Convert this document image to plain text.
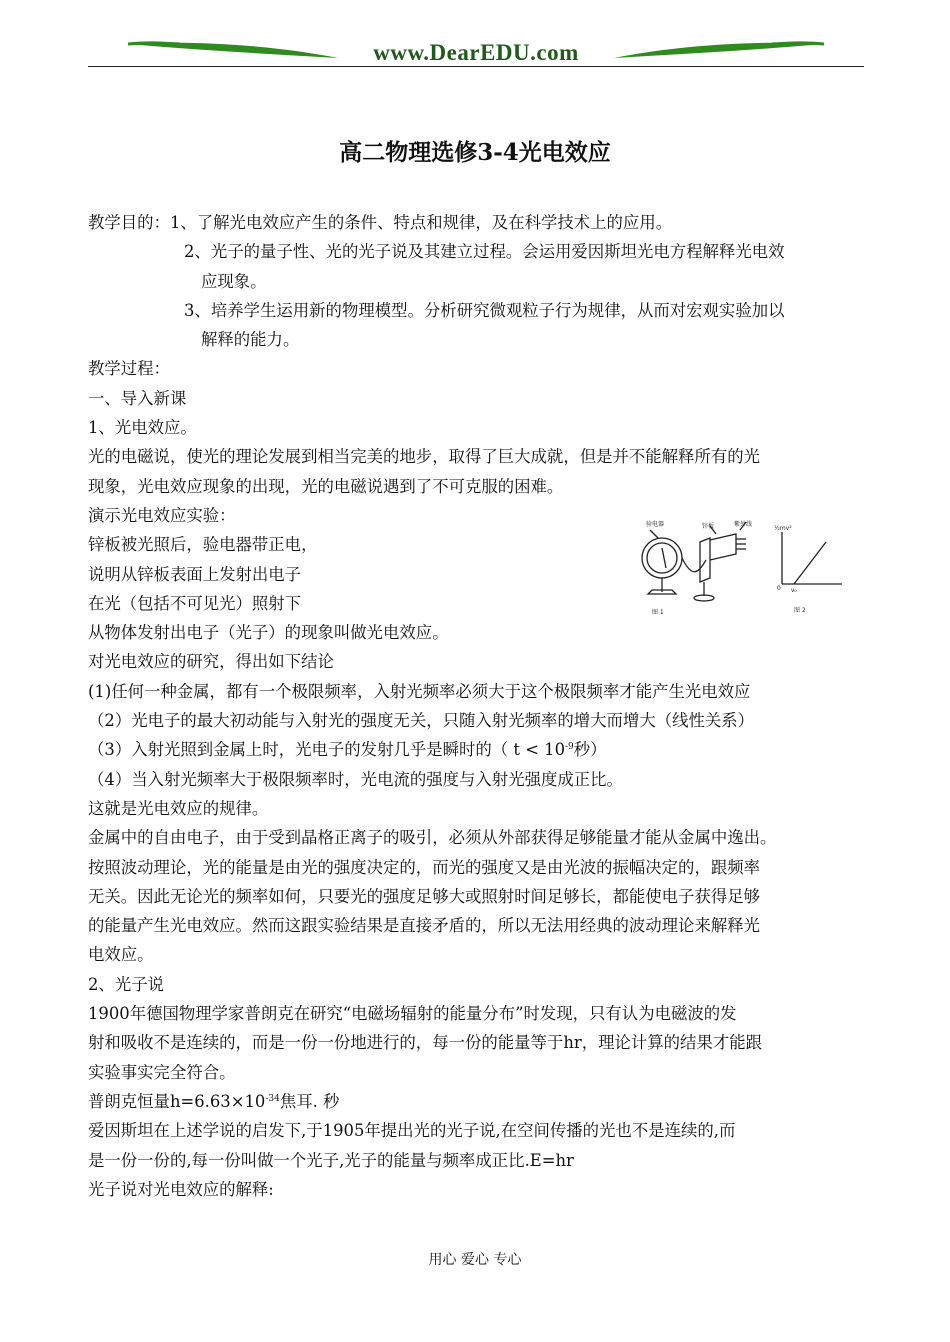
www.DearEDU.com
高二物理选修3-4光电效应
教学目的：1、了解光电效应产生的条件、特点和规律，及在科学技术上的应用。
2、光子的量子性、光的光子说及其建立过程。会运用爱因斯坦光电方程解释光电效
应现象。
3、培养学生运用新的物理模型。分析研究微观粒子行为规律，从而对宏观实验加以
解释的能力。
教学过程：
一、导入新课
1、光电效应。
光的电磁说，使光的理论发展到相当完美的地步，取得了巨大成就，但是并不能解释所有的光
现象，光电效应现象的出现，光的电磁说遇到了不可克服的困难。
演示光电效应实验：
锌板被光照后，验电器带正电，
说明从锌板表面上发射出电子
在光（包括不可见光）照射下
从物体发射出电子（光子）的现象叫做光电效应。
对光电效应的研究，得出如下结论
(1)任何一种金属，都有一个极限频率，入射光频率必须大于这个极限频率才能产生光电效应
（2）光电子的最大初动能与入射光的强度无关，只随入射光频率的增大而增大（线性关系）
（3）入射光照到金属上时，光电子的发射几乎是瞬时的（ $t < 10^{-9}$秒）
（4）当入射光频率大于极限频率时，光电流的强度与入射光强度成正比。
这就是光电效应的规律。
金属中的自由电子，由于受到晶格正离子的吸引，必须从外部获得足够能量才能从金属中逸出。
按照波动理论，光的能量是由光的强度决定的，而光的强度又是由光波的振幅决定的，跟频率
无关。因此无论光的频率如何，只要光的强度足够大或照射时间足够长，都能使电子获得足够
的能量产生光电效应。然而这跟实验结果是直接矛盾的，所以无法用经典的波动理论来解释光
电效应。
2、光子说
1900年德国物理学家普朗克在研究“电磁场辐射的能量分布”时发现，只有认为电磁波的发
射和吸收不是连续的，而是一份一份地进行的，每一份的能量等于hr，理论计算的结果才能跟
实验事实完全符合。
普朗克恒量$h=6.63\times 10^{-34}$焦耳. 秒
爱因斯坦在上述学说的启发下,于1905年提出光的光子说,在空间传播的光也不是连续的,而
是一份一份的,每一份叫做一个光子,光子的能量与频率成正比.E=hr
光子说对光电效应的解释:
验电器	锌板	紫外线
½mv²
0 ν₀
图 1	图 2
用心 爱心 专心
